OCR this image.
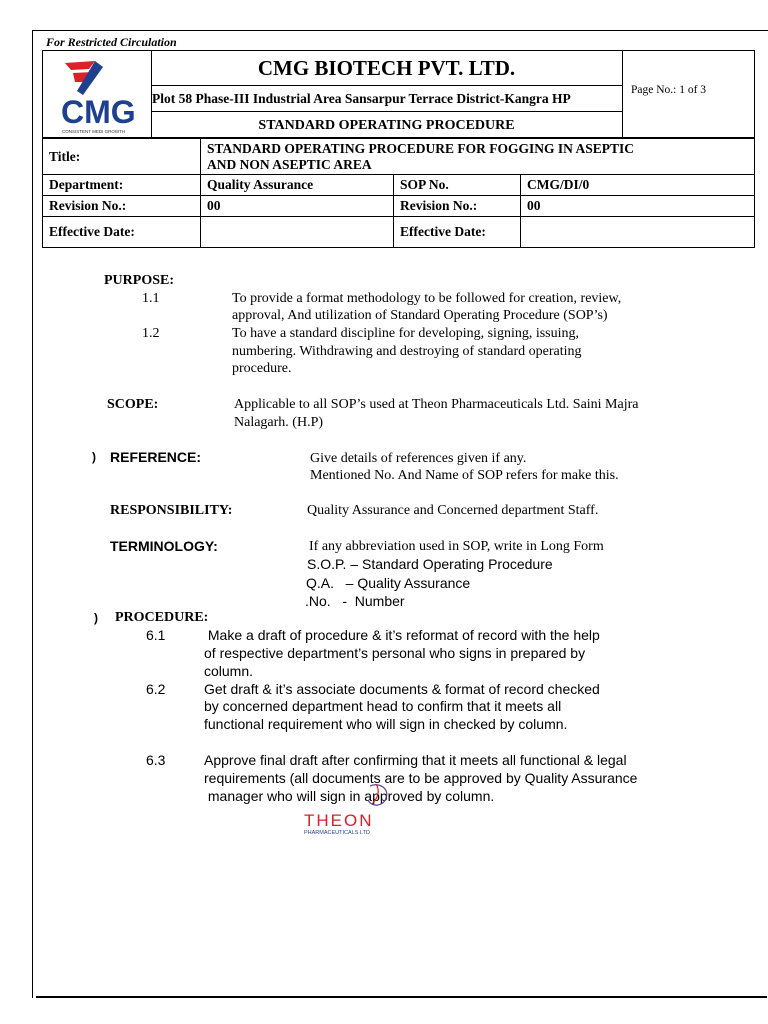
For Restricted Circulation
CMG
CONSISTENT MEDI GROWTH
CMG BIOTECH PVT. LTD.
Plot 58 Phase-III Industrial Area Sansarpur Terrace District-Kangra HP
STANDARD OPERATING PROCEDURE
Page No.: 1 of 3
Title:	STANDARD OPERATING PROCEDURE FOR FOGGING IN ASEPTIC
AND NON ASEPTIC AREA		

Department:	Quality Assurance	SOP No.	CMG/DI/0
Revision No.:	00	Revision No.:	00
Effective Date:		Effective Date:	
PURPOSE:
1.1	To provide a format methodology to be followed for creation, review,
approval, And utilization of Standard Operating Procedure (SOP’s)
1.2	To have a standard discipline for developing, signing, issuing,
numbering. Withdrawing and destroying of standard operating
procedure.
SCOPE:	Applicable to all SOP’s used at Theon Pharmaceuticals Ltd. Saini Majra
Nalagarh. (H.P)
) REFERENCE:	Give details of references given if any.
Mentioned No. And Name of SOP refers for make this.
RESPONSIBILITY:	Quality Assurance and Concerned department Staff.
TERMINOLOGY:	If any abbreviation used in SOP, write in Long Form
S.O.P. – Standard Operating Procedure
Q.A.   – Quality Assurance
.No.   -  Number
) PROCEDURE:
6.1	Make a draft of procedure & it’s reformat of record with the help
of respective department’s personal who signs in prepared by
column.
6.2	Get draft & it’s associate documents & format of record checked
by concerned department head to confirm that it meets all
functional requirement who will sign in checked by column.
6.3	Approve final draft after confirming that it meets all functional & legal
requirements (all documents are to be approved by Quality Assurance
manager who will sign in approved by column.
THEON
PHARMACEUTICALS LTD
